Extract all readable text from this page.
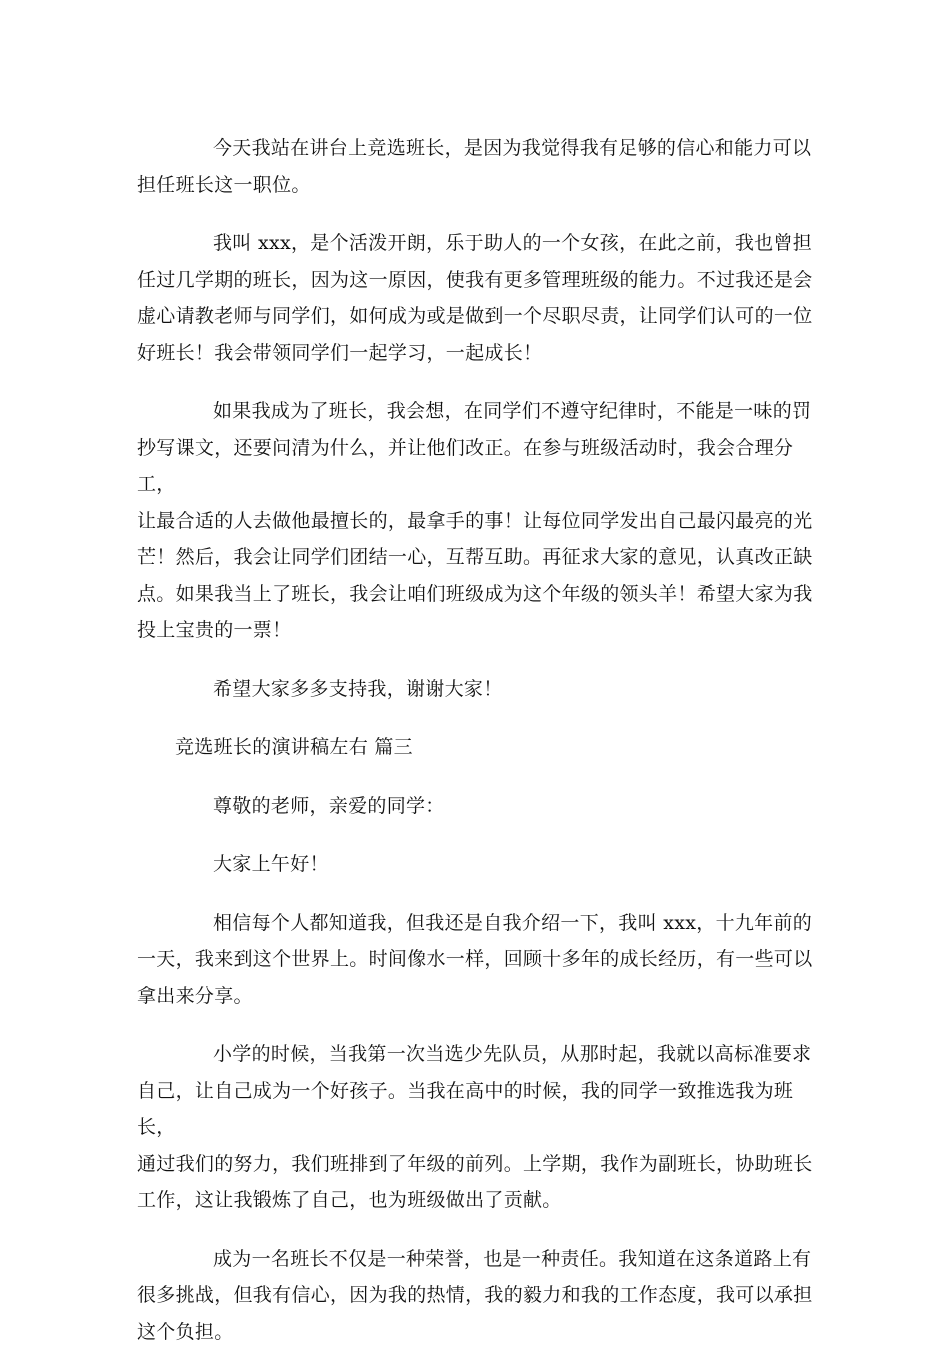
今天我站在讲台上竞选班长，是因为我觉得我有足够的信心和能力可以
担任班长这一职位。

我叫 xxx，是个活泼开朗，乐于助人的一个女孩，在此之前，我也曾担
任过几学期的班长，因为这一原因，使我有更多管理班级的能力。不过我还是会
虚心请教老师与同学们，如何成为或是做到一个尽职尽责，让同学们认可的一位
好班长！我会带领同学们一起学习，一起成长！

如果我成为了班长，我会想，在同学们不遵守纪律时，不能是一味的罚
抄写课文，还要问清为什么，并让他们改正。在参与班级活动时，我会合理分工，
让最合适的人去做他最擅长的，最拿手的事！让每位同学发出自己最闪最亮的光
芒！然后，我会让同学们团结一心，互帮互助。再征求大家的意见，认真改正缺
点。如果我当上了班长，我会让咱们班级成为这个年级的领头羊！希望大家为我
投上宝贵的一票！

希望大家多多支持我，谢谢大家！

竞选班长的演讲稿左右 篇三

尊敬的老师，亲爱的同学：

大家上午好！

相信每个人都知道我，但我还是自我介绍一下，我叫 xxx，十九年前的
一天，我来到这个世界上。时间像水一样，回顾十多年的成长经历，有一些可以
拿出来分享。

小学的时候，当我第一次当选少先队员，从那时起，我就以高标准要求
自己，让自己成为一个好孩子。当我在高中的时候，我的同学一致推选我为班长，
通过我们的努力，我们班排到了年级的前列。上学期，我作为副班长，协助班长
工作，这让我锻炼了自己，也为班级做出了贡献。

成为一名班长不仅是一种荣誉，也是一种责任。我知道在这条道路上有
很多挑战，但我有信心，因为我的热情，我的毅力和我的工作态度，我可以承担
这个负担。
